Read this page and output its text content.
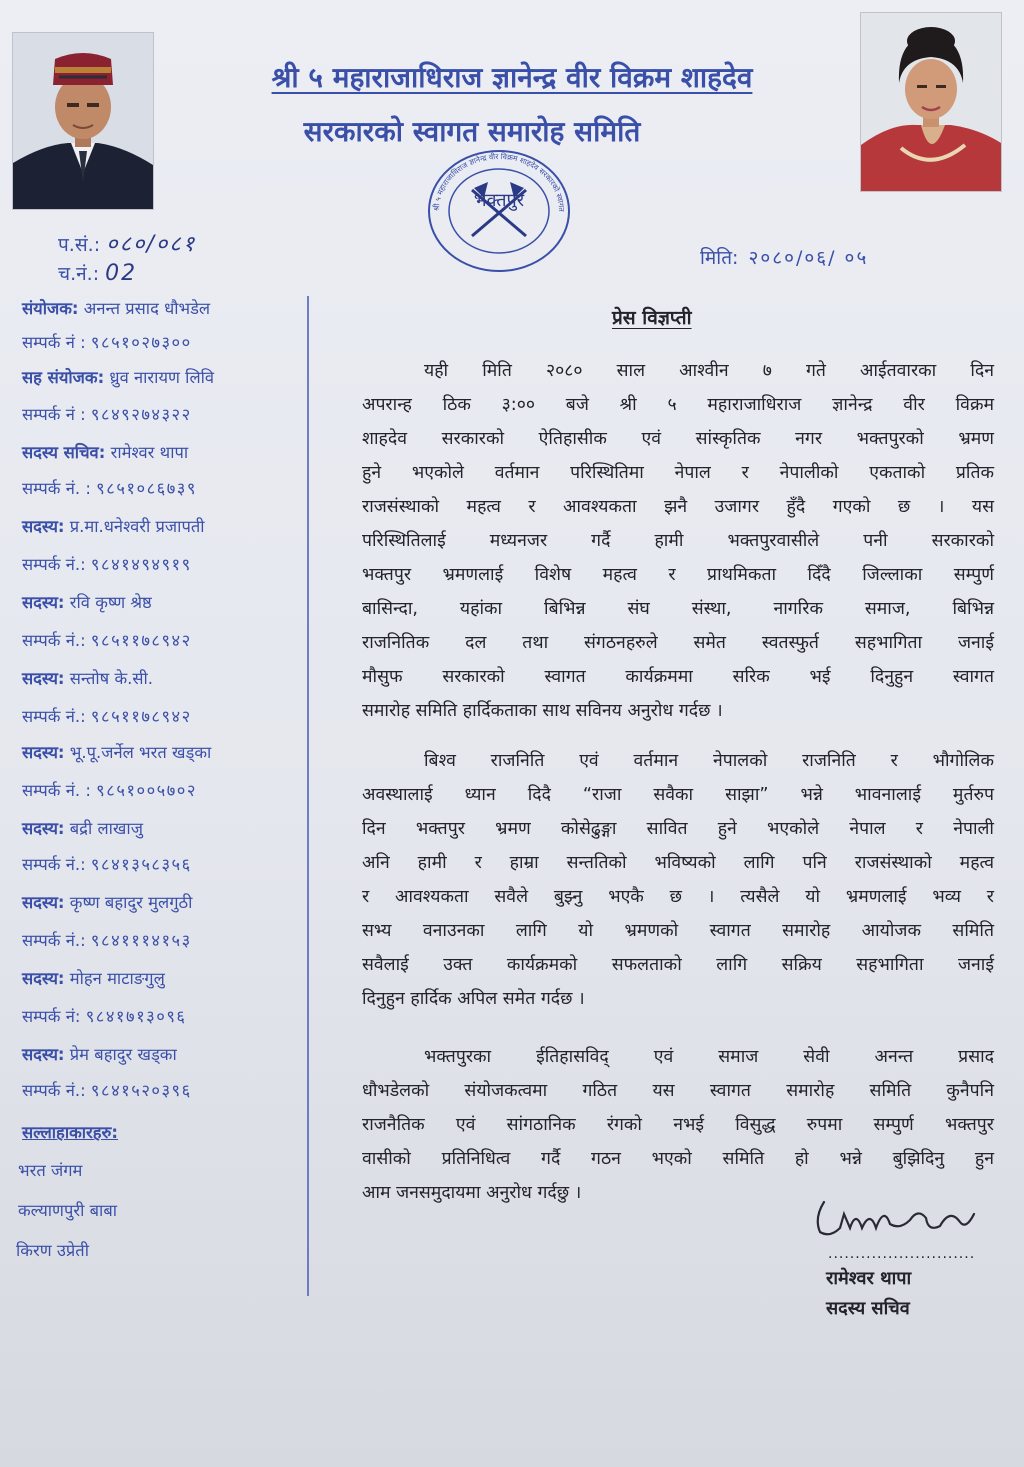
श्री ५ महाराजाधिराज ज्ञानेन्द्र वीर विक्रम शाहदेव
सरकारको स्वागत समारोह समिति
भक्तपुर
श्री ५ महाराजाधिराज ज्ञानेन्द्र वीर विक्रम शाहदेव सरकारको स्वागत
प.सं.: ०८०/०८१
च.नं.: 02
मिति: २०८०/०६/ ०५
संयोजक: अनन्त प्रसाद धौभडेल
सम्पर्क नं : ९८५१०२७३००
सह संयोजक: ध्रुव नारायण लिवि
सम्पर्क नं : ९८४९२७४३२२
सदस्य सचिव: रामेश्वर थापा
सम्पर्क नं. : ९८५१०८६७३९
सदस्य: प्र.मा.धनेश्वरी प्रजापती
सम्पर्क नं.: ९८४१४९४९१९
सदस्य: रवि कृष्ण श्रेष्ठ
सम्पर्क नं.: ९८५११७८९४२
सदस्य: सन्तोष के.सी.
सम्पर्क नं.: ९८५११७८९४२
सदस्य: भू.पू.जर्नेल भरत खड्का
सम्पर्क नं. : ९८५१००५७०२
सदस्य: बद्री लाखाजु
सम्पर्क नं.: ९८४१३५८३५६
सदस्य: कृष्ण बहादुर मुलगुठी
सम्पर्क नं.: ९८४१११४१५३
सदस्य: मोहन माटाङगुलु
सम्पर्क नं: ९८४१७१३०९६
सदस्य: प्रेम बहादुर खड्का
सम्पर्क नं.: ९८४१५२०३९६
सल्लाहाकारहरु:
भरत जंगम
कल्याणपुरी बाबा
किरण उप्रेती
प्रेस विज्ञप्ती
यही मिति २०८० साल आश्वीन ७ गते आईतवारका दिन
अपरान्ह ठिक ३:०० बजे श्री ५ महाराजाधिराज ज्ञानेन्द्र वीर विक्रम
शाहदेव सरकारको ऐतिहासीक एवं सांस्कृतिक नगर भक्तपुरको भ्रमण
हुने भएकोले वर्तमान परिस्थितिमा नेपाल र नेपालीको एकताको प्रतिक
राजसंस्थाको महत्व र आवश्यकता झनै उजागर हुँदै गएको छ । यस
परिस्थितिलाई मध्यनजर गर्दै हामी भक्तपुरवासीले पनी सरकारको
भक्तपुर भ्रमणलाई विशेष महत्व र प्राथमिकता दिँदै जिल्लाका सम्पुर्ण
बासिन्दा, यहांका बिभिन्न संघ संस्था, नागरिक समाज, बिभिन्न
राजनितिक दल तथा संगठनहरुले समेत स्वतस्फुर्त सहभागिता जनाई
मौसुफ सरकारको स्वागत कार्यक्रममा सरिक भई दिनुहुन स्वागत
समारोह समिति हार्दिकताका साथ सविनय अनुरोध गर्दछ ।
बिश्व राजनिति एवं वर्तमान नेपालको राजनिति र भौगोलिक
अवस्थालाई ध्यान दिदै “राजा सवैका साझा” भन्ने भावनालाई मुर्तरुप
दिन भक्तपुर भ्रमण कोसेढुङ्गा सावित हुने भएकोले नेपाल र नेपाली
अनि हामी र हाम्रा सन्ततिको भविष्यको लागि पनि राजसंस्थाको महत्व
र आवश्यकता सवैले बुझ्नु भएकै छ । त्यसैले यो भ्रमणलाई भव्य र
सभ्य वनाउनका लागि यो भ्रमणको स्वागत समारोह आयोजक समिति
सवैलाई उक्त कार्यक्रमको सफलताको लागि सक्रिय सहभागिता जनाई
दिनुहुन हार्दिक अपिल समेत गर्दछ ।
भक्तपुरका ईतिहासविद् एवं समाज सेवी अनन्त प्रसाद
धौभडेलको संयोजकत्वमा गठित यस स्वागत समारोह समिति कुनैपनि
राजनैतिक एवं सांगठानिक रंगको नभई विसुद्ध रुपमा सम्पुर्ण भक्तपुर
वासीको प्रतिनिधित्व गर्दै गठन भएको समिति हो भन्ने बुझिदिनु हुन
आम जनसमुदायमा अनुरोध गर्दछु ।
...........................
रामेश्वर थापा
सदस्य सचिव
